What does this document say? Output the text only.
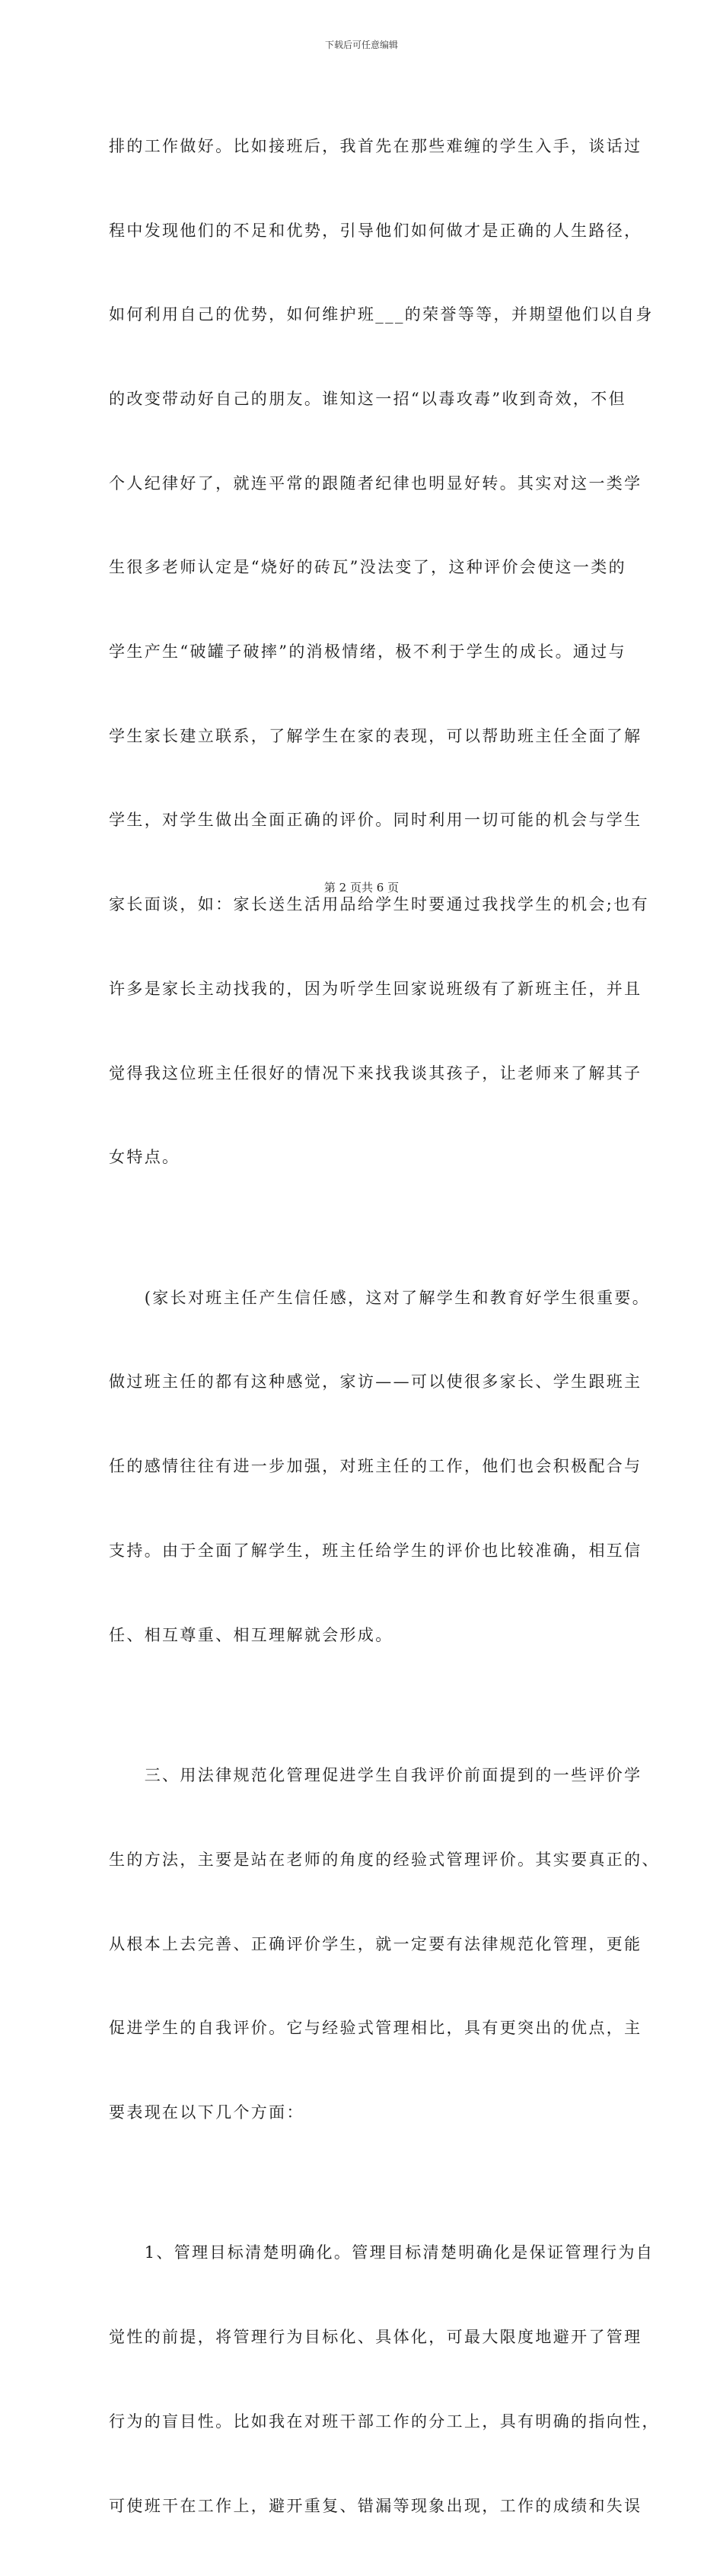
下载后可任意编辑

排的工作做好。比如接班后，我首先在那些难缠的学生入手，谈话过

程中发现他们的不足和优势，引导他们如何做才是正确的人生路径，

如何利用自己的优势，如何维护班___的荣誉等等，并期望他们以自身

的改变带动好自己的朋友。谁知这一招“以毒攻毒”收到奇效，不但

个人纪律好了，就连平常的跟随者纪律也明显好转。其实对这一类学

生很多老师认定是“烧好的砖瓦”没法变了，这种评价会使这一类的

学生产生“破罐子破摔”的消极情绪，极不利于学生的成长。通过与

学生家长建立联系，了解学生在家的表现，可以帮助班主任全面了解

学生，对学生做出全面正确的评价。同时利用一切可能的机会与学生

家长面谈，如：家长送生活用品给学生时要通过我找学生的机会;也有

许多是家长主动找我的，因为听学生回家说班级有了新班主任，并且

觉得我这位班主任很好的情况下来找我谈其孩子，让老师来了解其子

女特点。

　　(家长对班主任产生信任感，这对了解学生和教育好学生很重要。

做过班主任的都有这种感觉，家访——可以使很多家长、学生跟班主

任的感情往往有进一步加强，对班主任的工作，他们也会积极配合与

支持。由于全面了解学生，班主任给学生的评价也比较准确，相互信

任、相互尊重、相互理解就会形成。

　　三、用法律规范化管理促进学生自我评价前面提到的一些评价学

生的方法，主要是站在老师的角度的经验式管理评价。其实要真正的、

从根本上去完善、正确评价学生，就一定要有法律规范化管理，更能

促进学生的自我评价。它与经验式管理相比，具有更突出的优点，主

要表现在以下几个方面：

　　1、管理目标清楚明确化。管理目标清楚明确化是保证管理行为自

觉性的前提，将管理行为目标化、具体化，可最大限度地避开了管理

行为的盲目性。比如我在对班干部工作的分工上，具有明确的指向性，

可使班干在工作上，避开重复、错漏等现象出现，工作的成绩和失误

第 2 页共 6 页
